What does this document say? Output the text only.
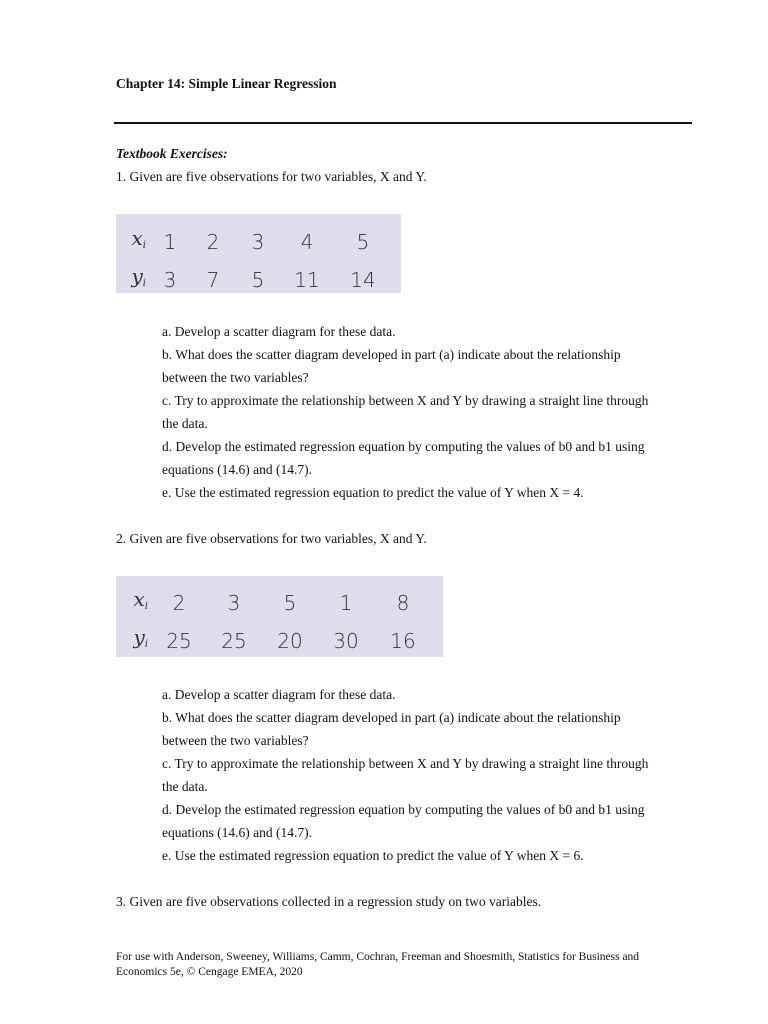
Chapter 14: Simple Linear Regression
Textbook Exercises:
1. Given are five observations for two variables, X and Y.
$x_i$	1	2	3	4	5
$y_i$	3	7	5	11	14

a. Develop a scatter diagram for these data.

b. What does the scatter diagram developed in part (a) indicate about the relationship between the two variables?

c. Try to approximate the relationship between X and Y by drawing a straight line through the data.

d. Develop the estimated regression equation by computing the values of b0 and b1 using equations (14.6) and (14.7).

e. Use the estimated regression equation to predict the value of Y when X = 4.

2. Given are five observations for two variables, X and Y.
$x_i$	2	3	5	1	8
$y_i$	25	25	20	30	16

a. Develop a scatter diagram for these data.

b. What does the scatter diagram developed in part (a) indicate about the relationship between the two variables?

c. Try to approximate the relationship between X and Y by drawing a straight line through the data.

d. Develop the estimated regression equation by computing the values of b0 and b1 using equations (14.6) and (14.7).

e. Use the estimated regression equation to predict the value of Y when X = 6.

3. Given are five observations collected in a regression study on two variables.
For use with Anderson, Sweeney, Williams, Camm, Cochran, Freeman and Shoesmith, Statistics for Business and Economics 5e, © Cengage EMEA, 2020
